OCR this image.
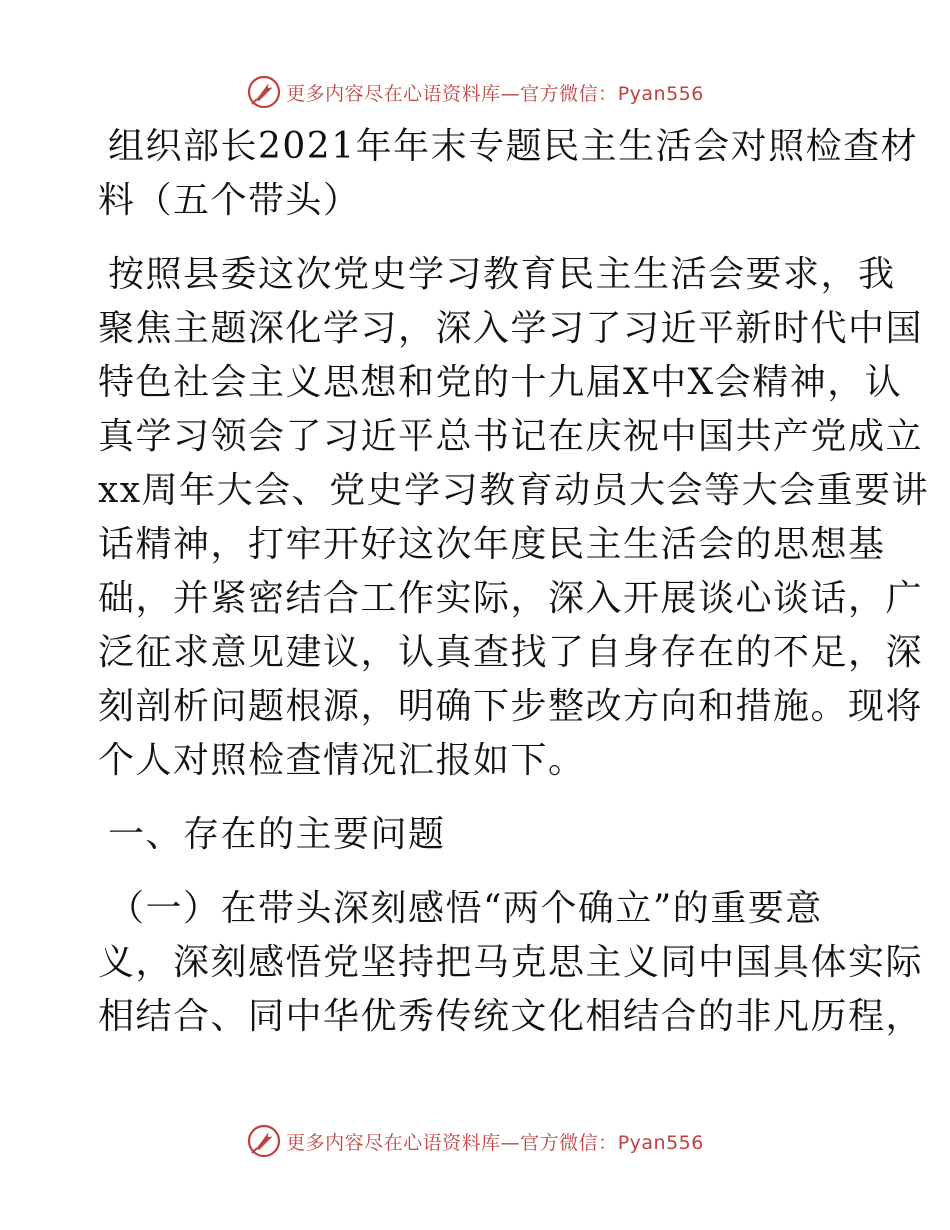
更多内容尽在心语资料库—官方微信：Pyan556
组织部长2021年年末专题民主生活会对照检查材
料（五个带头）
按照县委这次党史学习教育民主生活会要求，我
聚焦主题深化学习，深入学习了习近平新时代中国
特色社会主义思想和党的十九届X中X会精神，认
真学习领会了习近平总书记在庆祝中国共产党成立
xx周年大会、党史学习教育动员大会等大会重要讲
话精神，打牢开好这次年度民主生活会的思想基
础，并紧密结合工作实际，深入开展谈心谈话，广
泛征求意见建议，认真查找了自身存在的不足，深
刻剖析问题根源，明确下步整改方向和措施。现将
个人对照检查情况汇报如下。
一、存在的主要问题
（一）在带头深刻感悟“两个确立”的重要意
义，深刻感悟党坚持把马克思主义同中国具体实际
相结合、同中华优秀传统文化相结合的非凡历程，
更多内容尽在心语资料库—官方微信：Pyan556
